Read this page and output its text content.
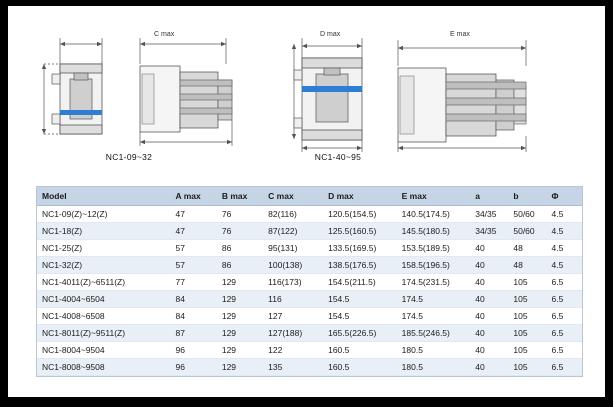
C max
NC1-09~32
E max
D max
NC1-40~95
Model	A max	B max	C max	D max	E max	a	b	Φ
NC1-09(Z)~12(Z)	47	76	82(116)	120.5(154.5)	140.5(174.5)	34/35	50/60	4.5
NC1-18(Z)	47	76	87(122)	125.5(160.5)	145.5(180.5)	34/35	50/60	4.5
NC1-25(Z)	57	86	95(131)	133.5(169.5)	153.5(189.5)	40	48	4.5
NC1-32(Z)	57	86	100(138)	138.5(176.5)	158.5(196.5)	40	48	4.5
NC1-4011(Z)~6511(Z)	77	129	116(173)	154.5(211.5)	174.5(231.5)	40	105	6.5
NC1-4004~6504	84	129	116	154.5	174.5	40	105	6.5
NC1-4008~6508	84	129	127	154.5	174.5	40	105	6.5
NC1-8011(Z)~9511(Z)	87	129	127(188)	165.5(226.5)	185.5(246.5)	40	105	6.5
NC1-8004~9504	96	129	122	160.5	180.5	40	105	6.5
NC1-8008~9508	96	129	135	160.5	180.5	40	105	6.5
